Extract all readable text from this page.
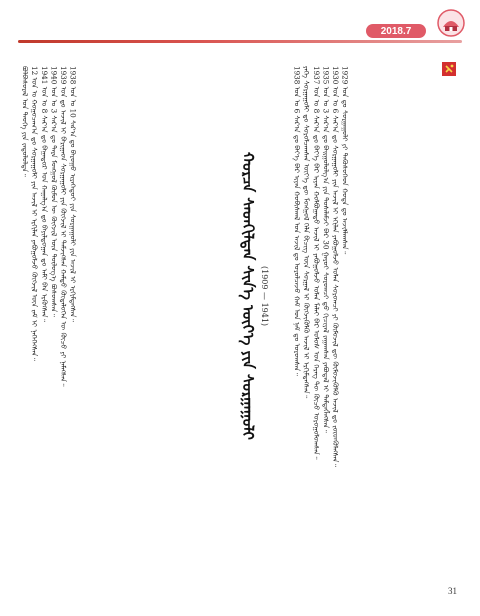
2018.7

ᠪᠣᠯᠪᠠᠰᠤᠷᠠᠯ ᠤᠨ ᠲᠡᠦᠬᠡ ᠶᠢᠨ ᠵᠠᠳᠤᠯᠤᠯᠲᠠ᠃ 12 ᠣᠨ ᠤ ᠬᠤᠭᠤᠴᠠᠭ᠎ᠠ ᠳᠤ ᠰᠤᠷᠭᠠᠭᠤᠯᠢ ᠶᠢᠨ ᠠᠵᠢᠯ ᠢ ᠡᠷᠬᠢᠯᠡᠨ ᠶᠠᠪᠤᠭᠤᠯᠵᠤ ᠬᠥᠭᠵᠢᠯ ᠦᠨ ᠵᠠᠮ ᠢ ᠨᠡᠭᠡᠭᠡᠭᠰᠡᠨ᠃ 1941 ᠣᠨ ᠤ 8 ᠰᠠᠷ᠎ᠠ ᠳᠤ ᠪᠠᠭᠠᠲᠤᠷ ᠤᠨ ᠬᠠᠭᠠᠯᠭ᠎ᠠ ᠳᠤ ᠪᠠᠶᠢᠯᠳᠤᠭᠠᠨ ᠳᠤ ᠠᠮᠢ ᠪᠠᠨ ᠡᠷᠭᠦᠭᠰᠡᠨ᠃ 1940 ᠣᠨ ᠤ 3 ᠰᠠᠷ᠎ᠠ ᠳᠤ ᠲᠡᠷᠡ ᠮᠣᠩᠭᠣᠯ ᠬᠦᠮᠦᠨ ᠦ ᠬᠥᠭᠵᠢᠯ ᠦᠨ ᠲᠥᠯᠥᠭ᠎ᠡ ᠪᠣᠰᠣᠭᠰᠠᠨ᠃ 1939 ᠣᠨ ᠳᠤ ᠠᠵᠢᠯ ᠢ ᠪᠠᠷᠢᠭᠠᠳ ᠰᠤᠷᠭᠠᠭᠤᠯᠢ ᠶᠢᠨ ᠬᠥᠭᠵᠢᠯ ᠢ ᠳᠡᠮᠵᠢᠭᠰᠡᠨ ᠬᠠᠮᠲᠤ ᠬᠥᠳᠡᠯᠦᠭᠡᠨ ᠦ ᠬᠦᠴᠦ ᠶᠢ ᠨᠡᠮᠡᠭᠰᠡᠨ᠃ 1938 ᠣᠨ ᠤ 10 ᠰᠠᠷ᠎ᠠ ᠳᠤ ᠪᠠᠷᠤᠭᠤ ᠢᠷᠡᠭᠡᠳᠦᠢ ᠶᠢᠨ ᠰᠤᠷᠭᠠᠭᠤᠯᠢ ᠶᠢᠨ ᠠᠵᠢᠯ ᠢ ᠡᠷᠭᠢᠮᠳᠡᠭᠰᠡᠨ᠃	ᠬᠤᠷᠴᠠ ᠰᠡᠳᠬᠢᠯᠲᠡᠨ ᠰᠢᠨ᠎ᠡ ᠦᠶ᠎ᠡ ᠶᠢᠨ ᠰᠤᠷᠭᠠᠭᠤᠯᠢ (1909 — 1941)	1938 ᠣᠨ ᠤ 6 ᠰᠠᠷ᠎ᠠ ᠳᠤ ᠪᠡᠶ᠎ᠡ ᠪᠠᠷ ᠢᠶᠠᠨ ᠬᠤᠪᠢᠰᠬᠠᠯ ᠤᠨ ᠠᠵᠢᠯ ᠳᠤ ᠣᠷᠤᠯᠴᠠᠵᠤ ᠬᠠᠮ ᠤᠨ ᠨᠠᠮ ᠳᠤ ᠣᠷᠤᠭᠰᠠᠨ᠃ ᠶᠡᠬᠡ ᠰᠤᠷᠭᠠᠭᠤᠯᠢ ᠳᠤ ᠰᠤᠷᠤᠯᠴᠠᠭᠰᠠᠨ ᠦᠶ᠎ᠡ ᠳᠦ ᠮᠣᠩᠭᠣᠯ ᠬᠡᠯᠡ ᠪᠢᠴᠢᠭ ᠦᠨ ᠰᠤᠷᠭᠠᠯ ᠢ ᠬᠥᠭᠵᠢᠭᠦᠯᠬᠦ ᠠᠵᠢᠯ ᠢ ᠡᠷᠭᠢᠮᠳᠡᠭᠰᠡᠨ᠃ 1937 ᠣᠨ ᠤ 8 ᠰᠠᠷ᠎ᠠ ᠳᠤ ᠪᠡᠶ᠎ᠡ ᠪᠠᠷ ᠢᠶᠠᠨ ᠬᠣᠯᠪᠣᠭᠠᠲᠤ ᠠᠵᠢᠯ ᠢ ᠶᠠᠪᠤᠭᠤᠯᠵᠤ ᠣᠯᠠᠨ ᠮᠠᠯᠠᠢ ᠪᠠᠷ ᠤᠯᠤᠰ ᠤᠨ ᠬᠡᠷᠡᠭ ᠲᠦ ᠬᠦᠴᠦ ᠣᠷᠤᠭᠤᠯᠤᠭᠰᠠᠨ᠃ 1935 ᠣᠨ ᠤ 3 ᠰᠠᠷ᠎ᠠ ᠳᠤ ᠪᠠᠢᠭᠤᠯᠤᠯᠭ᠎ᠠ ᠶᠢᠨ ᠲᠤᠰᠠᠯᠠᠮᠵᠢ ᠪᠠᠷ 30 ᠭᠠᠷᠤᠢ ᠰᠤᠷᠤᠭᠴᠢ ᠳ᠋ᠤ ᠬᠢᠴᠢᠶᠡᠯ ᠵᠠᠭᠠᠭᠰᠠᠨ ᠶᠠᠪᠤᠳᠠᠯ ᠢ ᠲᠡᠮᠳᠡᠭᠯᠡᠭᠰᠡᠨ᠃ 1930 ᠣᠨ ᠤ 6 ᠰᠠᠷ᠎ᠠ ᠳᠤ ᠰᠤᠷᠭᠠᠭᠤᠯᠢ ᠶᠢᠨ ᠠᠵᠢᠯ ᠢ ᠡᠬᠢᠯᠡᠨ ᠶᠠᠪᠤᠭᠤᠯᠵᠤ ᠣᠯᠠᠨ ᠰᠤᠷᠤᠭᠴᠢ ᠶᠢ ᠬᠦᠮᠦᠵᠢᠯ ᠳᠦ ᠬᠦᠮᠦᠵᠢᠭᠦᠯᠬᠦ ᠠᠵᠢᠯ ᠳᠤ ᠵᠦᠳᠭᠦᠯᠡᠭᠰᠡᠨ᠃ 1929 ᠣᠨ ᠳᠤ ᠰᠤᠷᠭᠠᠭᠤᠯᠢ ᠶᠢ ᠲᠡᠭᠦᠰᠦᠭᠡᠳ ᠬᠣᠲᠠ ᠳᠤ ᠠᠵᠢᠯᠯᠠᠭᠰᠠᠨ᠃

31
